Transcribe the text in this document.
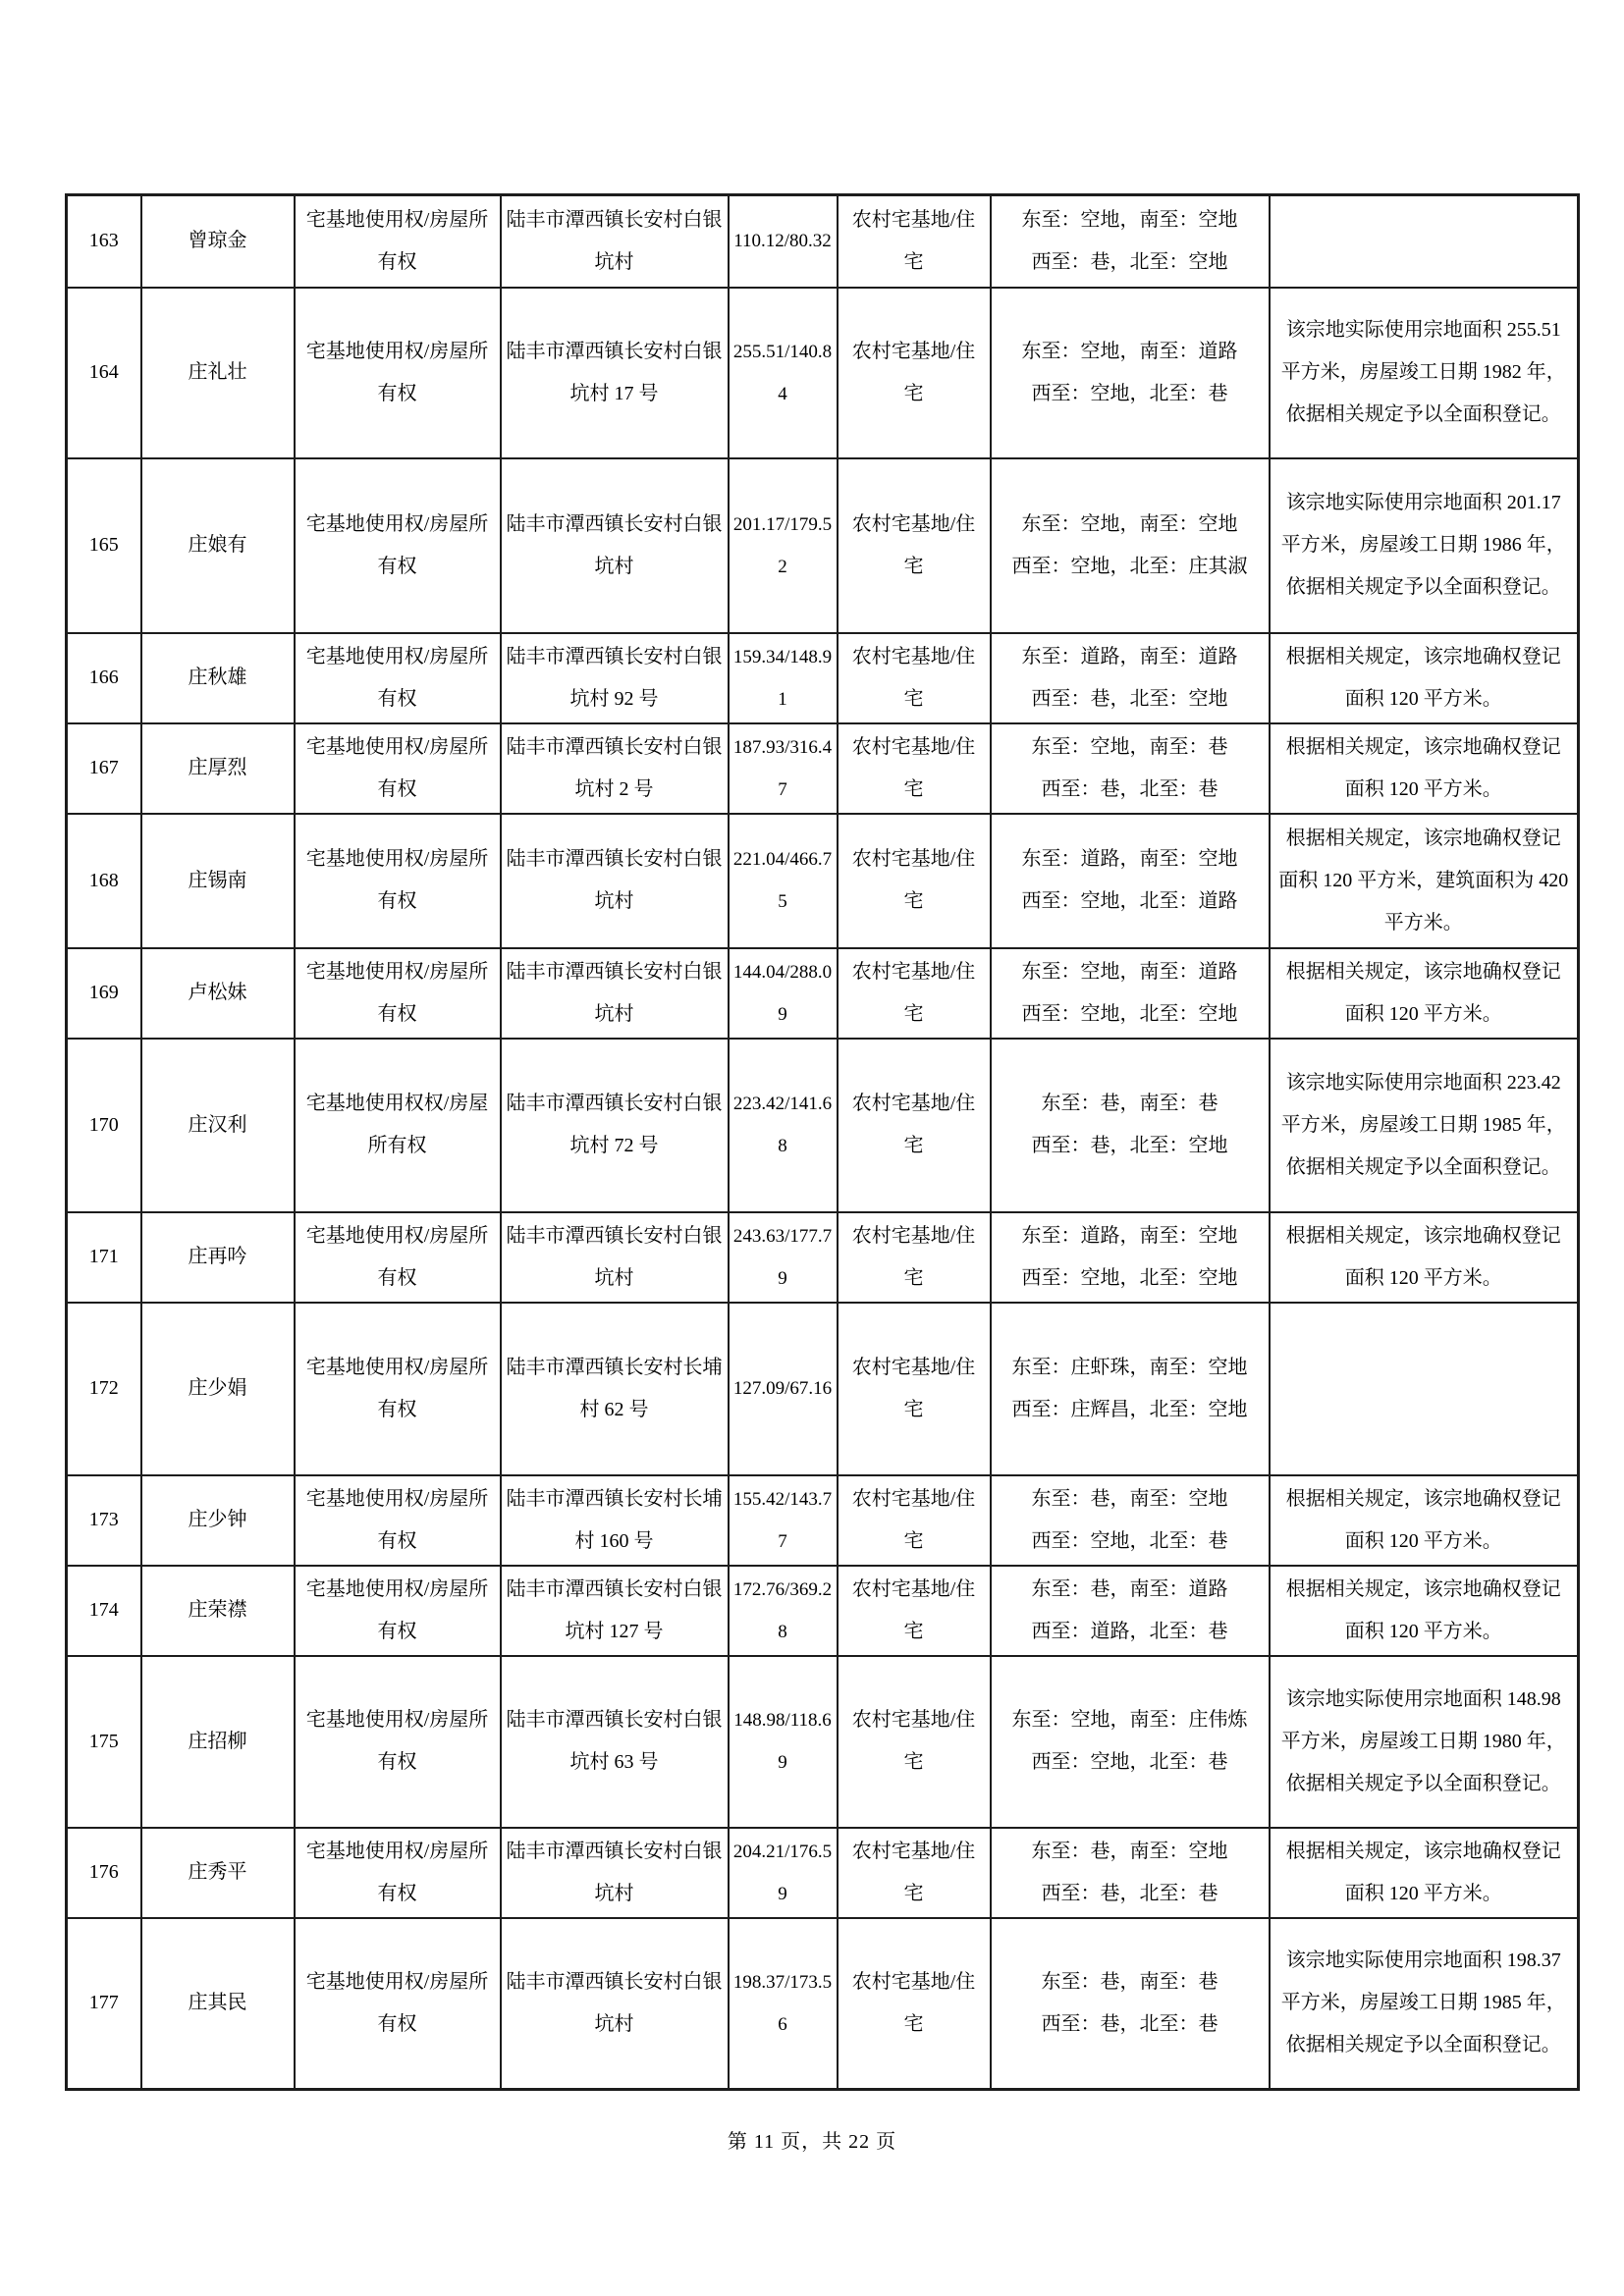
163	曾琼金	宅基地使用权/房屋所有权	陆丰市潭西镇长安村白银坑村	110.12/80.32	农村宅基地/住宅	东至：空地，南至：空地
西至：巷，北至：空地	

164	庄礼壮	宅基地使用权/房屋所有权	陆丰市潭西镇长安村白银坑村 17 号	255.51/140.84	农村宅基地/住宅	东至：空地，南至：道路
西至：空地，北至：巷	该宗地实际使用宗地面积 255.51 平方米，房屋竣工日期 1982 年，依据相关规定予以全面积登记。
165	庄娘有	宅基地使用权/房屋所有权	陆丰市潭西镇长安村白银坑村	201.17/179.52	农村宅基地/住宅	东至：空地，南至：空地
西至：空地，北至：庄其淑	该宗地实际使用宗地面积 201.17 平方米，房屋竣工日期 1986 年，依据相关规定予以全面积登记。
166	庄秋雄	宅基地使用权/房屋所有权	陆丰市潭西镇长安村白银坑村 92 号	159.34/148.91	农村宅基地/住宅	东至：道路，南至：道路
西至：巷，北至：空地	根据相关规定，该宗地确权登记面积 120 平方米。
167	庄厚烈	宅基地使用权/房屋所有权	陆丰市潭西镇长安村白银坑村 2 号	187.93/316.47	农村宅基地/住宅	东至：空地，南至：巷
西至：巷，北至：巷	根据相关规定，该宗地确权登记面积 120 平方米。
168	庄锡南	宅基地使用权/房屋所有权	陆丰市潭西镇长安村白银坑村	221.04/466.75	农村宅基地/住宅	东至：道路，南至：空地
西至：空地，北至：道路	根据相关规定，该宗地确权登记面积 120 平方米，建筑面积为 420 平方米。
169	卢松妹	宅基地使用权/房屋所有权	陆丰市潭西镇长安村白银坑村	144.04/288.09	农村宅基地/住宅	东至：空地，南至：道路
西至：空地，北至：空地	根据相关规定，该宗地确权登记面积 120 平方米。
170	庄汉利	宅基地使用权权/房屋所有权	陆丰市潭西镇长安村白银坑村 72 号	223.42/141.68	农村宅基地/住宅	东至：巷，南至：巷
西至：巷，北至：空地	该宗地实际使用宗地面积 223.42 平方米，房屋竣工日期 1985 年，依据相关规定予以全面积登记。
171	庄再吟	宅基地使用权/房屋所有权	陆丰市潭西镇长安村白银坑村	243.63/177.79	农村宅基地/住宅	东至：道路，南至：空地
西至：空地，北至：空地	根据相关规定，该宗地确权登记面积 120 平方米。
172	庄少娟	宅基地使用权/房屋所有权	陆丰市潭西镇长安村长埔村 62 号	127.09/67.16	农村宅基地/住宅	东至：庄虾珠，南至：空地
西至：庄辉昌，北至：空地	

173	庄少钟	宅基地使用权/房屋所有权	陆丰市潭西镇长安村长埔村 160 号	155.42/143.77	农村宅基地/住宅	东至：巷，南至：空地
西至：空地，北至：巷	根据相关规定，该宗地确权登记面积 120 平方米。
174	庄荣襟	宅基地使用权/房屋所有权	陆丰市潭西镇长安村白银坑村 127 号	172.76/369.28	农村宅基地/住宅	东至：巷，南至：道路
西至：道路，北至：巷	根据相关规定，该宗地确权登记面积 120 平方米。
175	庄招柳	宅基地使用权/房屋所有权	陆丰市潭西镇长安村白银坑村 63 号	148.98/118.69	农村宅基地/住宅	东至：空地，南至：庄伟炼
西至：空地，北至：巷	该宗地实际使用宗地面积 148.98 平方米，房屋竣工日期 1980 年，依据相关规定予以全面积登记。
176	庄秀平	宅基地使用权/房屋所有权	陆丰市潭西镇长安村白银坑村	204.21/176.59	农村宅基地/住宅	东至：巷，南至：空地
西至：巷，北至：巷	根据相关规定，该宗地确权登记面积 120 平方米。
177	庄其民	宅基地使用权/房屋所有权	陆丰市潭西镇长安村白银坑村	198.37/173.56	农村宅基地/住宅	东至：巷，南至：巷
西至：巷，北至：巷	该宗地实际使用宗地面积 198.37 平方米，房屋竣工日期 1985 年，依据相关规定予以全面积登记。
第 11 页，共 22 页
